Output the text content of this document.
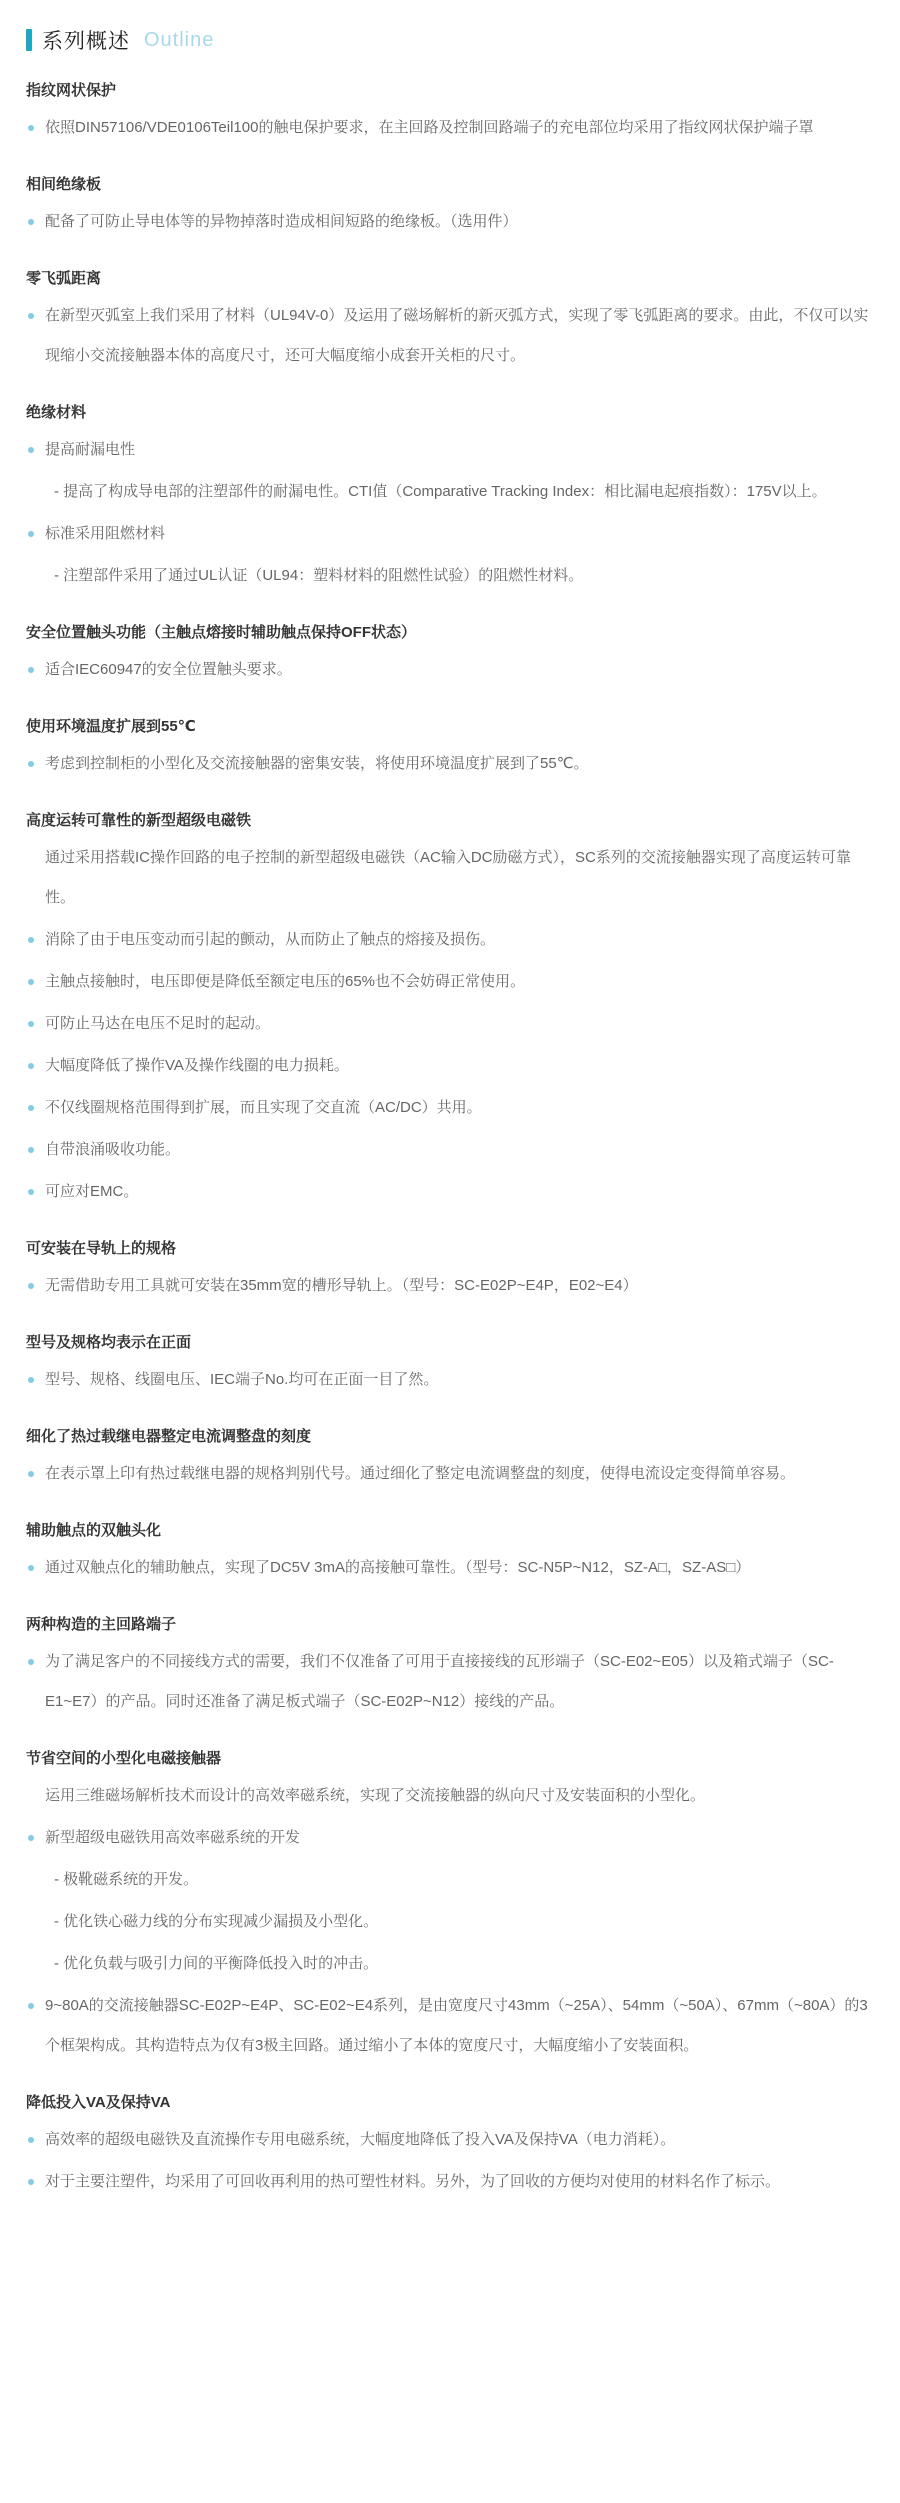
系列概述 Outline
指纹网状保护
依照DIN57106/VDE0106Teil100的触电保护要求，在主回路及控制回路端子的充电部位均采用了指纹网状保护端子罩
相间绝缘板
配备了可防止导电体等的异物掉落时造成相间短路的绝缘板。（选用件）
零飞弧距离
在新型灭弧室上我们采用了材料（UL94V-0）及运用了磁场解析的新灭弧方式，实现了零飞弧距离的要求。由此，不仅可以实现缩小交流接触器本体的高度尺寸，还可大幅度缩小成套开关柜的尺寸。
绝缘材料
提高耐漏电性
- 提高了构成导电部的注塑部件的耐漏电性。CTI值（Comparative Tracking Index：相比漏电起痕指数）：175V以上。
标准采用阻燃材料
- 注塑部件采用了通过UL认证（UL94：塑料材料的阻燃性试验）的阻燃性材料。
安全位置触头功能（主触点熔接时辅助触点保持OFF状态）
适合IEC60947的安全位置触头要求。
使用环境温度扩展到55℃
考虑到控制柜的小型化及交流接触器的密集安装，将使用环境温度扩展到了55℃。
高度运转可靠性的新型超级电磁铁
通过采用搭载IC操作回路的电子控制的新型超级电磁铁（AC输入DC励磁方式），SC系列的交流接触器实现了高度运转可靠性。
消除了由于电压变动而引起的颤动，从而防止了触点的熔接及损伤。
主触点接触时，电压即便是降低至额定电压的65%也不会妨碍正常使用。
可防止马达在电压不足时的起动。
大幅度降低了操作VA及操作线圈的电力损耗。
不仅线圈规格范围得到扩展，而且实现了交直流（AC/DC）共用。
自带浪涌吸收功能。
可应对EMC。
可安装在导轨上的规格
无需借助专用工具就可安装在35mm宽的槽形导轨上。（型号：SC-E02P~E4P，E02~E4）
型号及规格均表示在正面
型号、规格、线圈电压、IEC端子No.均可在正面一目了然。
细化了热过载继电器整定电流调整盘的刻度
在表示罩上印有热过载继电器的规格判别代号。通过细化了整定电流调整盘的刻度，使得电流设定变得简单容易。
辅助触点的双触头化
通过双触点化的辅助触点，实现了DC5V 3mA的高接触可靠性。（型号：SC-N5P~N12，SZ-A□，SZ-AS□）
两种构造的主回路端子
为了满足客户的不同接线方式的需要，我们不仅准备了可用于直接接线的瓦形端子（SC-E02~E05）以及箱式端子（SC-E1~E7）的产品。同时还准备了满足板式端子（SC-E02P~N12）接线的产品。
节省空间的小型化电磁接触器
运用三维磁场解析技术而设计的高效率磁系统，实现了交流接触器的纵向尺寸及安装面积的小型化。
新型超级电磁铁用高效率磁系统的开发
- 极靴磁系统的开发。
- 优化铁心磁力线的分布实现减少漏损及小型化。
- 优化负载与吸引力间的平衡降低投入时的冲击。
9~80A的交流接触器SC-E02P~E4P、SC-E02~E4系列，是由宽度尺寸43mm（~25A）、54mm（~50A）、67mm（~80A）的3个框架构成。其构造特点为仅有3极主回路。通过缩小了本体的宽度尺寸，大幅度缩小了安装面积。
降低投入VA及保持VA
高效率的超级电磁铁及直流操作专用电磁系统，大幅度地降低了投入VA及保持VA（电力消耗）。
对于主要注塑件，均采用了可回收再利用的热可塑性材料。另外，为了回收的方便均对使用的材料名作了标示。
